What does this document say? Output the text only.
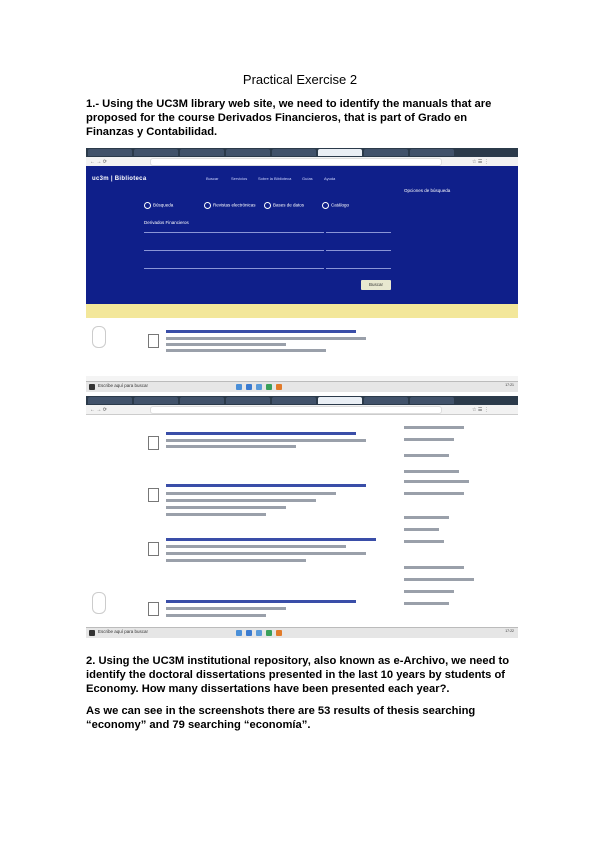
Practical Exercise 2
1.- Using the UC3M library web site, we need to identify the manuals that are proposed for the course Derivados Financieros, that is part of Grado en Finanzas y Contabilidad.
← → ⟳	☆ ☰ ⋮
uc3m | Biblioteca	Buscar	Servicios	Sobre la Biblioteca	Guías	Ayuda
Búsqueda	Revistas electrónicas	Bases de datos	Catálogo
Derivados Financieros
Buscar
Opciones de búsqueda
Escribe aquí para buscar	17:21
← → ⟳	☆ ☰ ⋮
Escribe aquí para buscar	17:22
2. Using the UC3M institutional repository, also known as e-Archivo, we need to identify the doctoral dissertations presented in the last 10 years by students of Economy. How many dissertations have been presented each year?.
As we can see in the screenshots there are 53 results of thesis searching “economy” and 79 searching “economía”.
